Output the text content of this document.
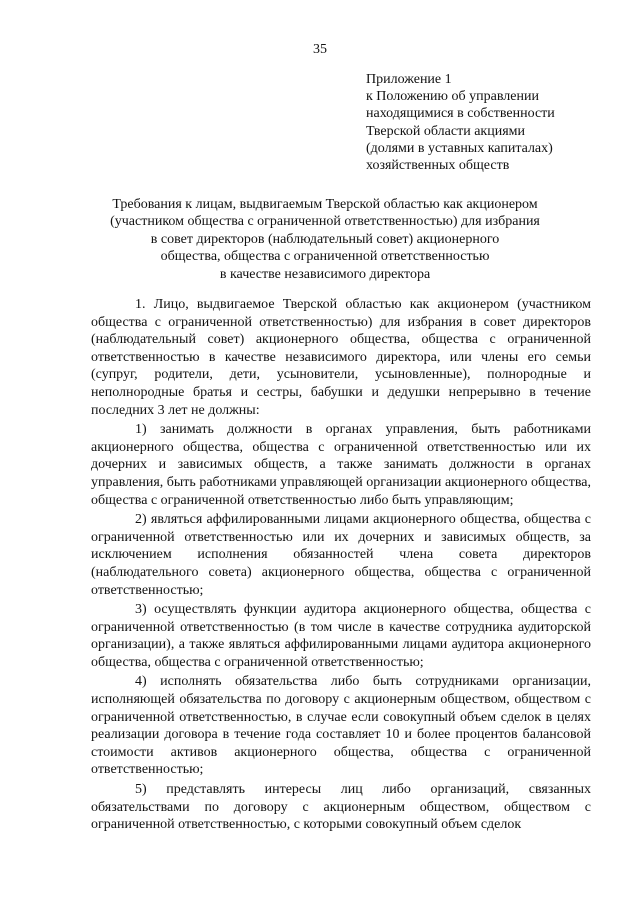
35
Приложение 1
к Положению об управлении
находящимися в собственности
Тверской области акциями
(долями в уставных капиталах)
хозяйственных обществ
Требования к лицам, выдвигаемым Тверской областью как акционером
(участником общества с ограниченной ответственностью) для избрания
в совет директоров (наблюдательный совет) акционерного
общества, общества с ограниченной ответственностью
в качестве независимого директора

1. Лицо, выдвигаемое Тверской областью как акционером (участником общества с ограниченной ответственностью) для избрания в совет директоров (наблюдательный совет) акционерного общества, общества с ограниченной ответственностью в качестве независимого директора, или члены его семьи (супруг, родители, дети, усыновители, усыновленные), полнородные и неполнородные братья и сестры, бабушки и дедушки непрерывно в течение последних 3 лет не должны:

1) занимать должности в органах управления, быть работниками акционерного общества, общества с ограниченной ответственностью или их дочерних и зависимых обществ, а также занимать должности в органах управления, быть работниками управляющей организации акционерного общества, общества с ограниченной ответственностью либо быть управляющим;

2) являться аффилированными лицами акционерного общества, общества с ограниченной ответственностью или их дочерних и зависимых обществ, за исключением исполнения обязанностей члена совета директоров (наблюдательного совета) акционерного общества, общества с ограниченной ответственностью;

3) осуществлять функции аудитора акционерного общества, общества с ограниченной ответственностью (в том числе в качестве сотрудника аудиторской организации), а также являться аффилированными лицами аудитора акционерного общества, общества с ограниченной ответственностью;

4) исполнять обязательства либо быть сотрудниками организации, исполняющей обязательства по договору с акционерным обществом, обществом с ограниченной ответственностью, в случае если совокупный объем сделок в целях реализации договора в течение года составляет 10 и более процентов балансовой стоимости активов акционерного общества, общества с ограниченной ответственностью;

5) представлять интересы лиц либо организаций, связанных обязательствами по договору с акционерным обществом, обществом с ограниченной ответственностью, с которыми совокупный объем сделок
